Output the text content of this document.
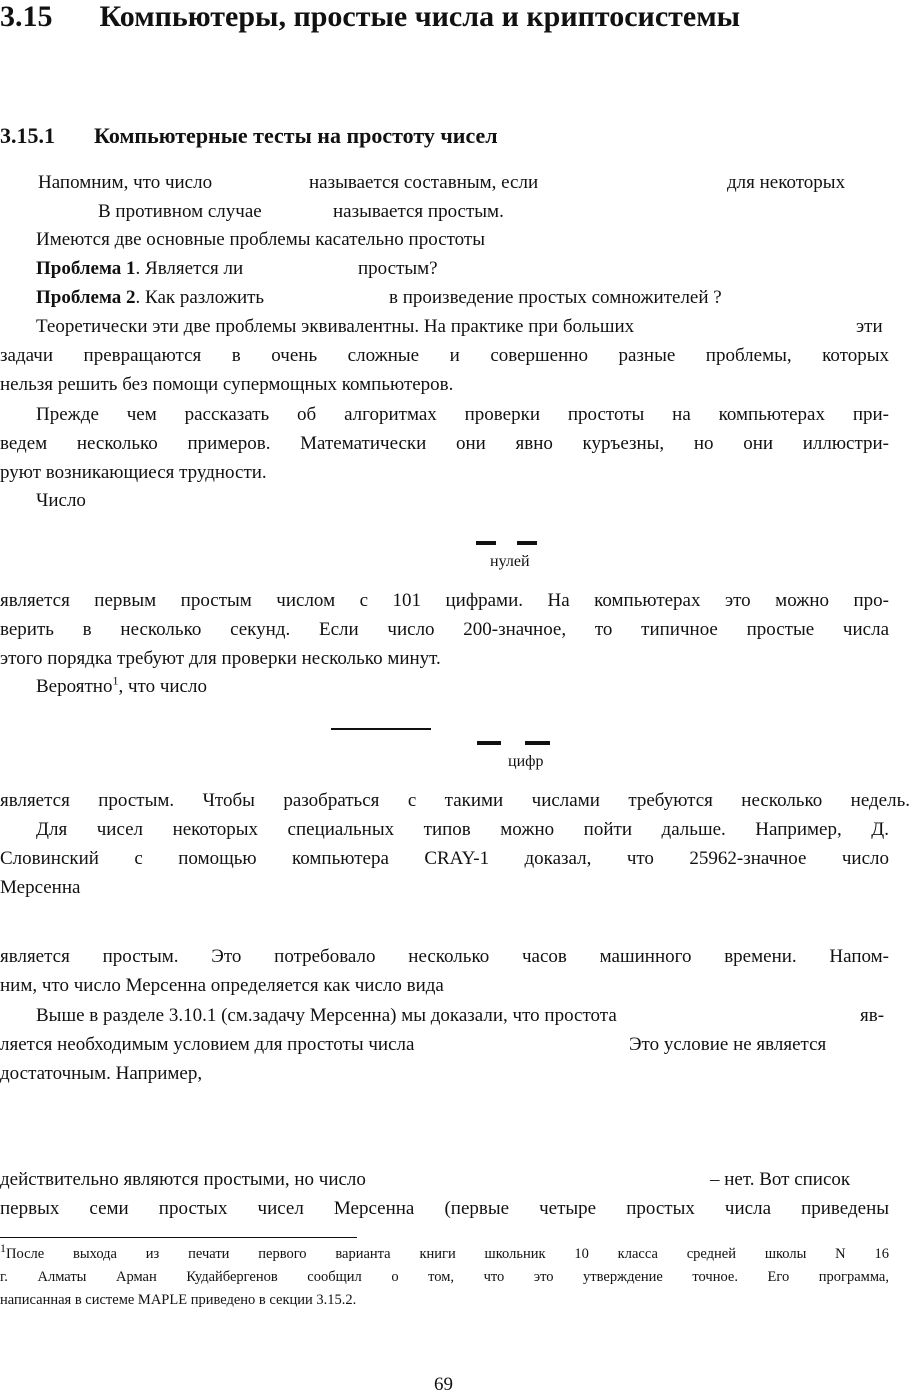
3.15 Компьютеры, простые числа и криптосистемы
3.15.1 Компьютерные тесты на простоту чисел
Напомним, что число	называется составным, если	для некоторых
В противном случае	называется простым.
Имеются две основные проблемы касательно простоты
Проблема 1. Является ли	простым?
Проблема 2. Как разложить	в произведение простых сомножителей ?
Теоретически эти две проблемы эквивалентны. На практике при больших	эти
задачи превращаются в очень сложные и совершенно разные проблемы, которых
нельзя решить без помощи супермощных компьютеров.
Прежде чем рассказать об алгоритмах проверки простоты на компьютерах при-
ведем несколько примеров. Математически они явно куръезны, но они иллюстри-
руют возникающиеся трудности.
Число
нулей
является первым простым числом с 101 цифрами. На компьютерах это можно про-
верить в несколько секунд. Если число 200-значное, то типичное простые числа
этого порядка требуют для проверки несколько минут.
Вероятно$^1$, что число
цифр
является простым. Чтобы разобраться с такими числами требуются несколько недель.
Для чисел некоторых специальных типов можно пойти дальше. Например, Д.
Словинский с помощью компьютера CRAY-1 доказал, что 25962-значное число
Мерсенна
является простым. Это потребовало несколько часов машинного времени. Напом-
ним, что число Мерсенна определяется как число вида
Выше в разделе 3.10.1 (см.задачу Мерсенна) мы доказали, что простота	яв-
ляется необходимым условием для простоты числа	Это условие не является
достаточным. Например,
действительно являются простыми, но число	– нет. Вот список
первых семи простых чисел Мерсенна (первые четыре простых числа приведены
$^1$После выхода из печати первого варианта книги школьник 10 класса средней школы N 16
г. Алматы Арман Кудайбергенов сообщил о том, что это утверждение точное. Его программа,
написанная в системе MAPLE приведено в секции 3.15.2.
69
